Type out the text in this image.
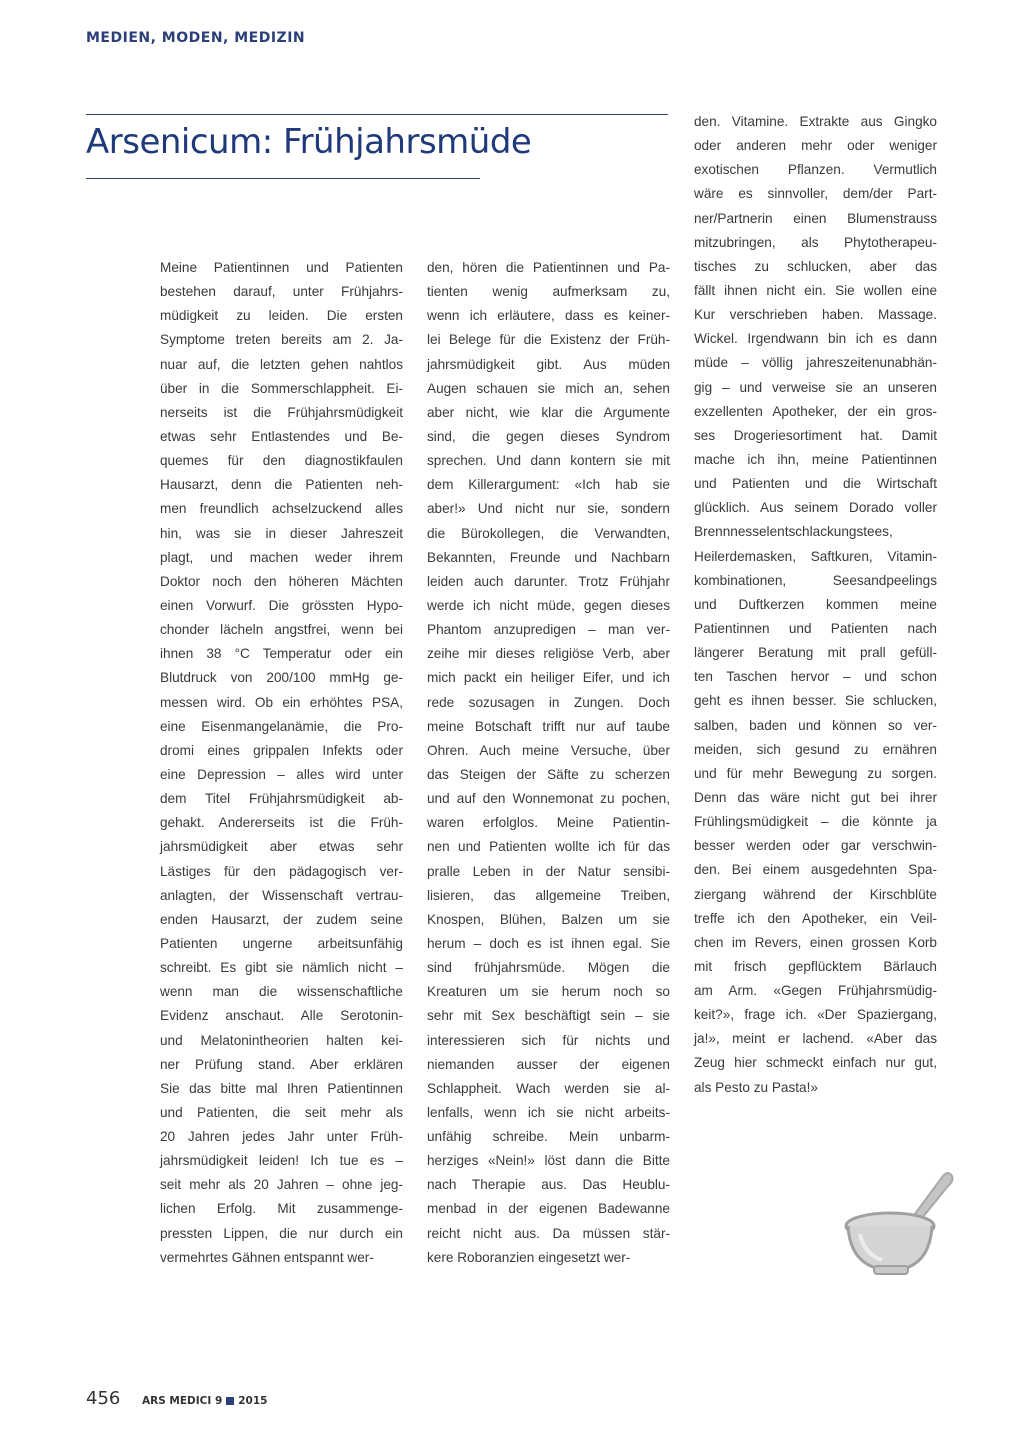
MEDIEN, MODEN, MEDIZIN
Arsenicum: Frühjahrsmüde
Meine Patientinnen und Patienten
bestehen darauf, unter Frühjahrs-
müdigkeit zu leiden. Die ersten
Symptome treten bereits am 2. Ja-
nuar auf, die letzten gehen nahtlos
über in die Sommerschlappheit. Ei-
nerseits ist die Frühjahrsmüdigkeit
etwas sehr Entlastendes und Be-
quemes für den diagnostikfaulen
Hausarzt, denn die Patienten neh-
men freundlich achselzuckend alles
hin, was sie in dieser Jahreszeit
plagt, und machen weder ihrem
Doktor noch den höheren Mächten
einen Vorwurf. Die grössten Hypo-
chonder lächeln angstfrei, wenn bei
ihnen 38 °C Temperatur oder ein
Blutdruck von 200/100 mmHg ge-
messen wird. Ob ein erhöhtes PSA,
eine Eisenmangelanämie, die Pro-
dromi eines grippalen Infekts oder
eine Depression – alles wird unter
dem Titel Frühjahrsmüdigkeit ab-
gehakt. Andererseits ist die Früh-
jahrsmüdigkeit aber etwas sehr
Lästiges für den pädagogisch ver-
anlagten, der Wissenschaft vertrau-
enden Hausarzt, der zudem seine
Patienten ungerne arbeitsunfähig
schreibt. Es gibt sie nämlich nicht –
wenn man die wissenschaftliche
Evidenz anschaut. Alle Serotonin-
und Melatonintheorien halten kei-
ner Prüfung stand. Aber erklären
Sie das bitte mal Ihren Patientinnen
und Patienten, die seit mehr als
20 Jahren jedes Jahr unter Früh-
jahrsmüdigkeit leiden! Ich tue es –
seit mehr als 20 Jahren – ohne jeg-
lichen Erfolg. Mit zusammenge-
pressten Lippen, die nur durch ein
vermehrtes Gähnen entspannt wer-
den, hören die Patientinnen und Pa-
tienten wenig aufmerksam zu,
wenn ich erläutere, dass es keiner-
lei Belege für die Existenz der Früh-
jahrsmüdigkeit gibt. Aus müden
Augen schauen sie mich an, sehen
aber nicht, wie klar die Argumente
sind, die gegen dieses Syndrom
sprechen. Und dann kontern sie mit
dem Killerargument: «Ich hab sie
aber!» Und nicht nur sie, sondern
die Bürokollegen, die Verwandten,
Bekannten, Freunde und Nachbarn
leiden auch darunter. Trotz Frühjahr
werde ich nicht müde, gegen dieses
Phantom anzupredigen – man ver-
zeihe mir dieses religiöse Verb, aber
mich packt ein heiliger Eifer, und ich
rede sozusagen in Zungen. Doch
meine Botschaft trifft nur auf taube
Ohren. Auch meine Versuche, über
das Steigen der Säfte zu scherzen
und auf den Wonnemonat zu pochen,
waren erfolglos. Meine Patientin-
nen und Patienten wollte ich für das
pralle Leben in der Natur sensibi-
lisieren, das allgemeine Treiben,
Knospen, Blühen, Balzen um sie
herum – doch es ist ihnen egal. Sie
sind frühjahrsmüde. Mögen die
Kreaturen um sie herum noch so
sehr mit Sex beschäftigt sein – sie
interessieren sich für nichts und
niemanden ausser der eigenen
Schlappheit. Wach werden sie al-
lenfalls, wenn ich sie nicht arbeits-
unfähig schreibe. Mein unbarm-
herziges «Nein!» löst dann die Bitte
nach Therapie aus. Das Heublu-
menbad in der eigenen Badewanne
reicht nicht aus. Da müssen stär-
kere Roboranzien eingesetzt wer-
den. Vitamine. Extrakte aus Gingko
oder anderen mehr oder weniger
exotischen Pflanzen. Vermutlich
wäre es sinnvoller, dem/der Part-
ner/Partnerin einen Blumenstrauss
mitzubringen, als Phytotherapeu-
tisches zu schlucken, aber das
fällt ihnen nicht ein. Sie wollen eine
Kur verschrieben haben. Massage.
Wickel. Irgendwann bin ich es dann
müde – völlig jahreszeitenunabhän-
gig – und verweise sie an unseren
exzellenten Apotheker, der ein gros-
ses Drogeriesortiment hat. Damit
mache ich ihn, meine Patientinnen
und Patienten und die Wirtschaft
glücklich. Aus seinem Dorado voller
Brennnesselentschlackungstees,
Heilerdemasken, Saftkuren, Vitamin-
kombinationen, Seesandpeelings
und Duftkerzen kommen meine
Patientinnen und Patienten nach
längerer Beratung mit prall gefüll-
ten Taschen hervor – und schon
geht es ihnen besser. Sie schlucken,
salben, baden und können so ver-
meiden, sich gesund zu ernähren
und für mehr Bewegung zu sorgen.
Denn das wäre nicht gut bei ihrer
Frühlingsmüdigkeit – die könnte ja
besser werden oder gar verschwin-
den. Bei einem ausgedehnten Spa-
ziergang während der Kirschblüte
treffe ich den Apotheker, ein Veil-
chen im Revers, einen grossen Korb
mit frisch gepflücktem Bärlauch
am Arm. «Gegen Frühjahrsmüdig-
keit?», frage ich. «Der Spaziergang,
ja!», meint er lachend. «Aber das
Zeug hier schmeckt einfach nur gut,
als Pesto zu Pasta!»
456 ARS MEDICI 9 2015
